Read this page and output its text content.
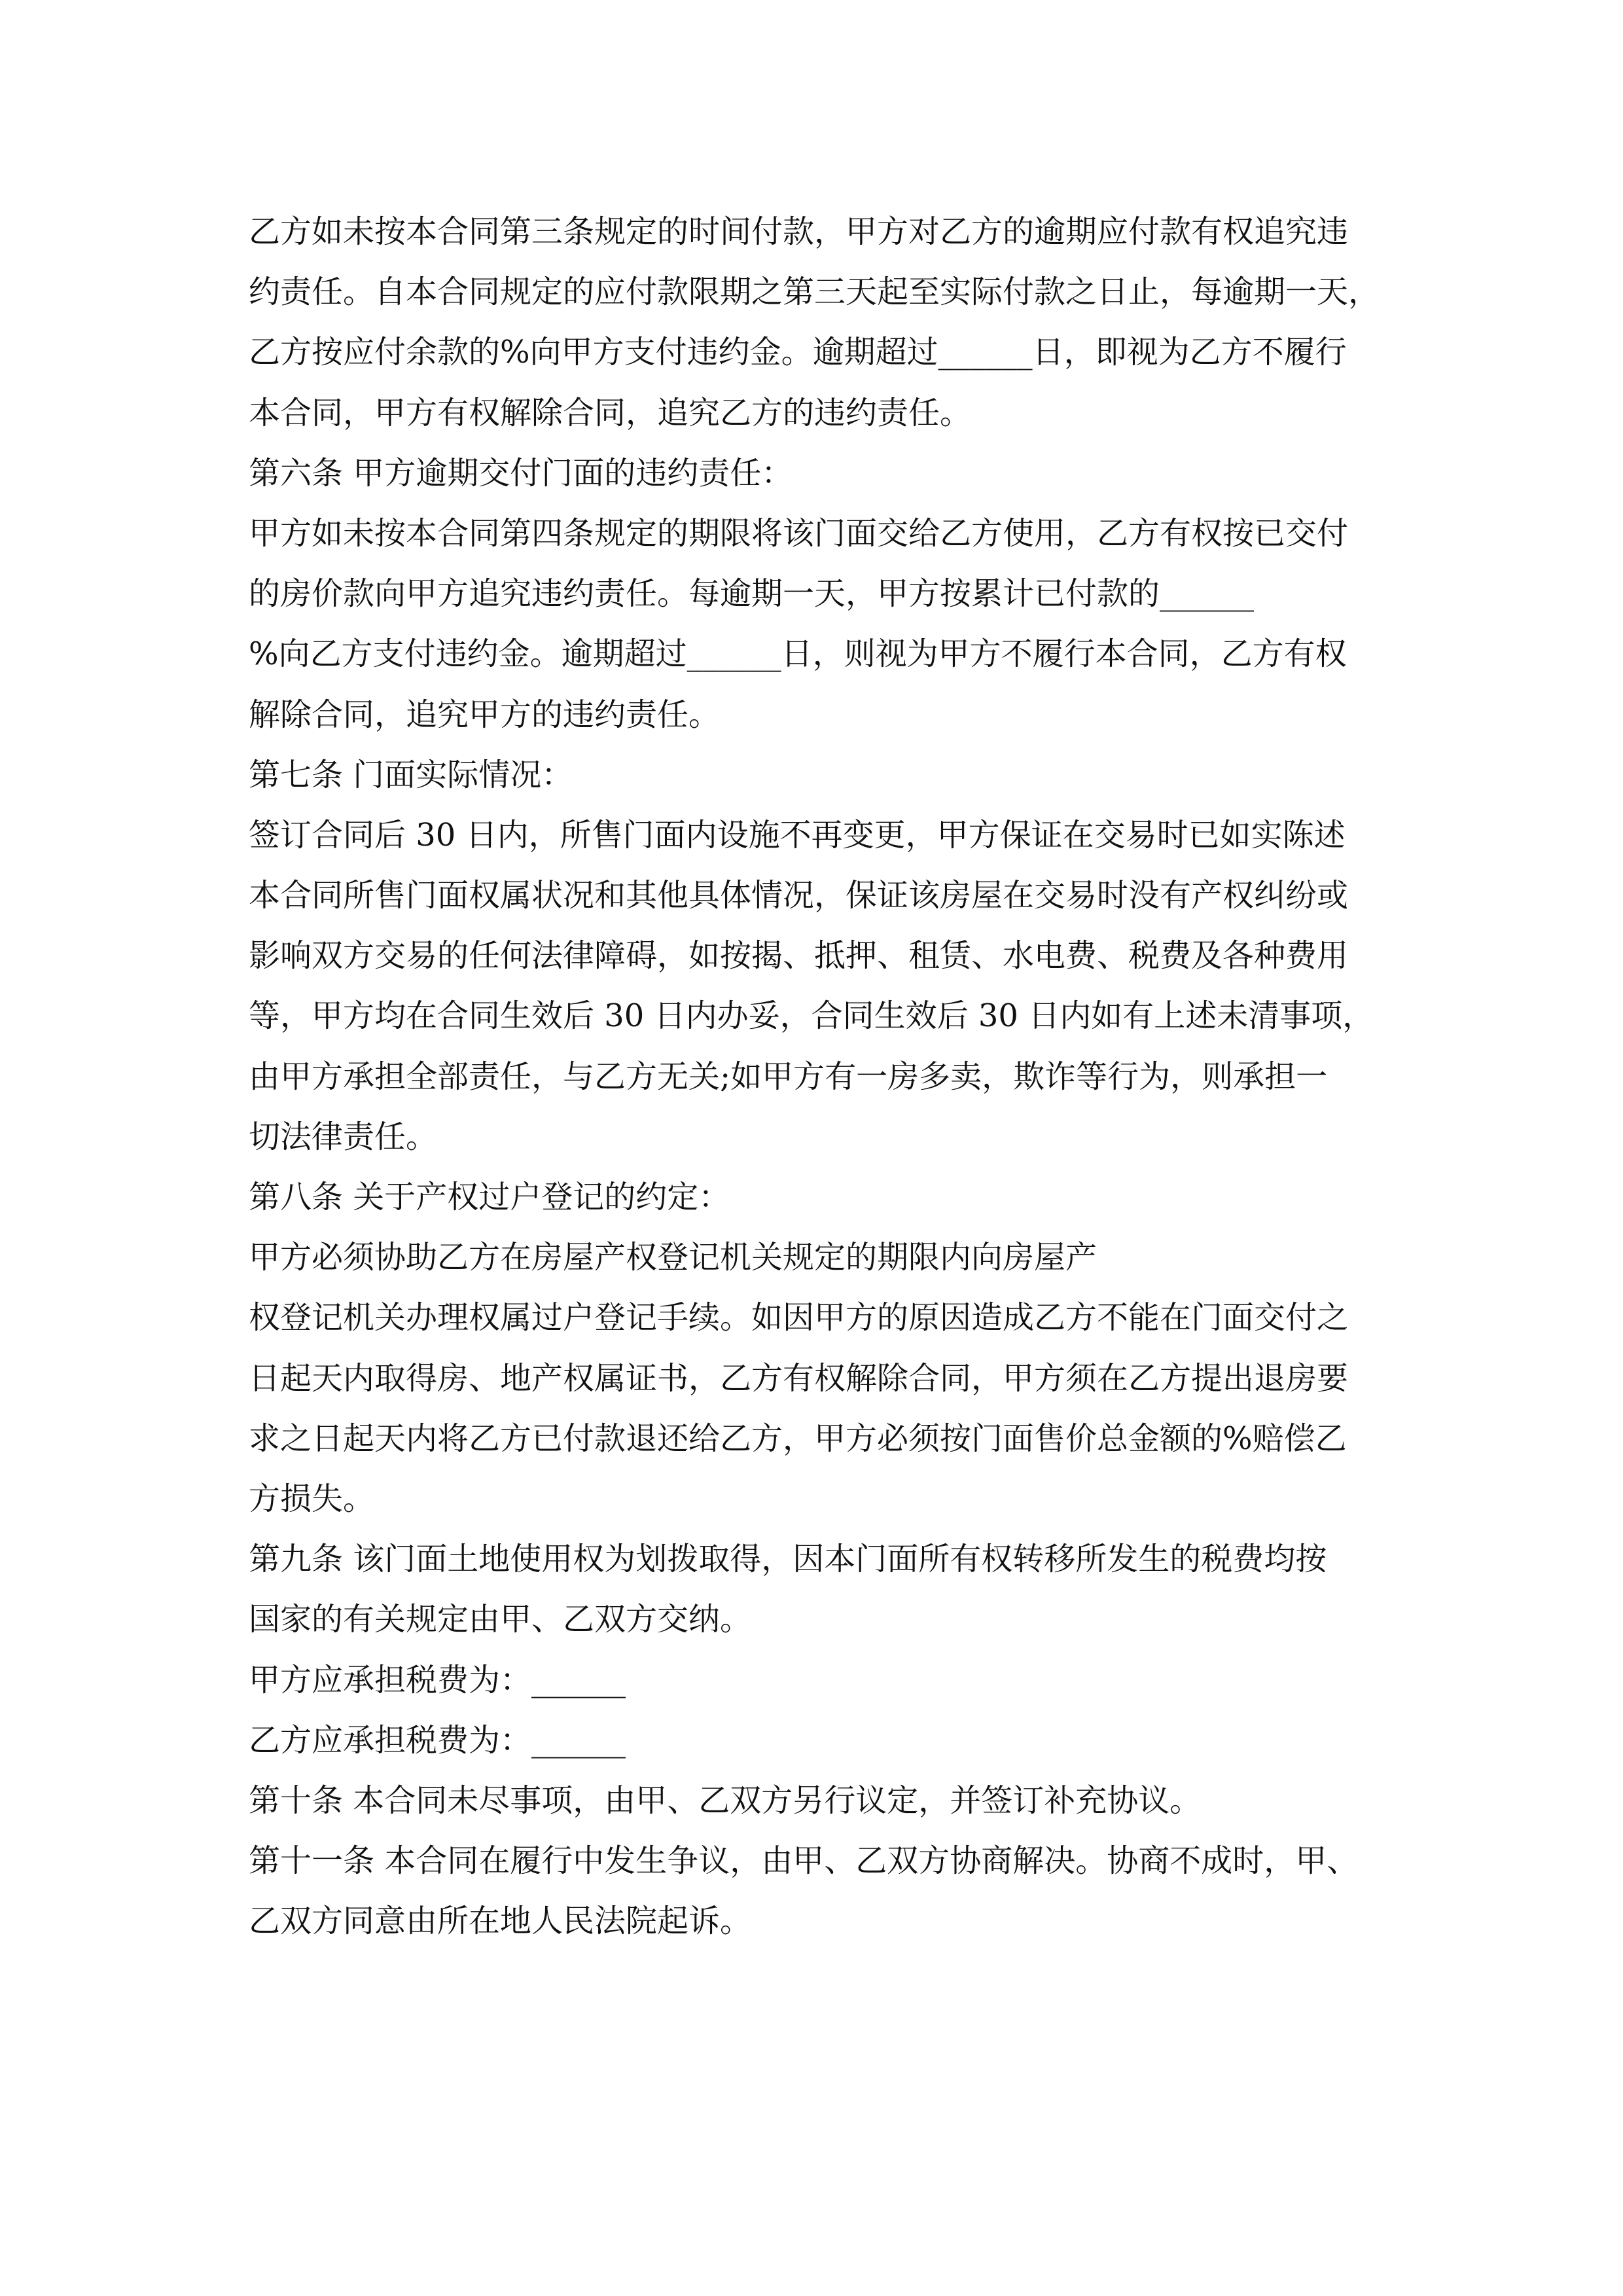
乙方如未按本合同第三条规定的时间付款，甲方对乙方的逾期应付款有权追究违
约责任。自本合同规定的应付款限期之第三天起至实际付款之日止，每逾期一天，
乙方按应付余款的%向甲方支付违约金。逾期超过______日，即视为乙方不履行
本合同，甲方有权解除合同，追究乙方的违约责任。
第六条 甲方逾期交付门面的违约责任：
甲方如未按本合同第四条规定的期限将该门面交给乙方使用，乙方有权按已交付
的房价款向甲方追究违约责任。每逾期一天，甲方按累计已付款的______
%向乙方支付违约金。逾期超过______日，则视为甲方不履行本合同，乙方有权
解除合同，追究甲方的违约责任。
第七条 门面实际情况：
签订合同后 30 日内，所售门面内设施不再变更，甲方保证在交易时已如实陈述
本合同所售门面权属状况和其他具体情况，保证该房屋在交易时没有产权纠纷或
影响双方交易的任何法律障碍，如按揭、抵押、租赁、水电费、税费及各种费用
等，甲方均在合同生效后 30 日内办妥，合同生效后 30 日内如有上述未清事项，
由甲方承担全部责任，与乙方无关;如甲方有一房多卖，欺诈等行为，则承担一
切法律责任。
第八条 关于产权过户登记的约定：
甲方必须协助乙方在房屋产权登记机关规定的期限内向房屋产
权登记机关办理权属过户登记手续。如因甲方的原因造成乙方不能在门面交付之
日起天内取得房、地产权属证书，乙方有权解除合同，甲方须在乙方提出退房要
求之日起天内将乙方已付款退还给乙方，甲方必须按门面售价总金额的%赔偿乙
方损失。
第九条 该门面土地使用权为划拨取得，因本门面所有权转移所发生的税费均按
国家的有关规定由甲、乙双方交纳。
甲方应承担税费为：______
乙方应承担税费为：______
第十条 本合同未尽事项，由甲、乙双方另行议定，并签订补充协议。
第十一条 本合同在履行中发生争议，由甲、乙双方协商解决。协商不成时，甲、
乙双方同意由所在地人民法院起诉。
